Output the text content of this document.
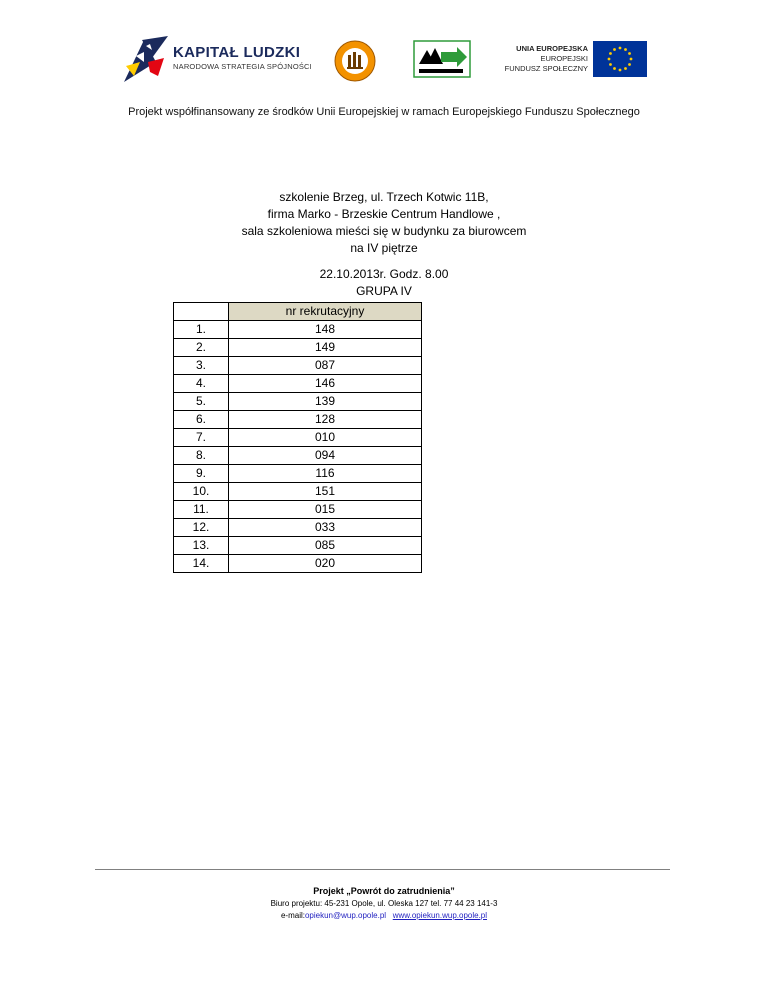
KAPITAŁ LUDZKI
NARODOWA STRATEGIA SPÓJNOŚCI
UNIA EUROPEJSKA
EUROPEJSKI
FUNDUSZ SPOŁECZNY
Projekt współfinansowany ze środków Unii Europejskiej w ramach Europejskiego Funduszu Społecznego
szkolenie Brzeg, ul. Trzech Kotwic 11B,
firma Marko - Brzeskie Centrum Handlowe ,
sala szkoleniowa mieści się w budynku za biurowcem
na IV piętrze
22.10.2013r. Godz. 8.00
GRUPA IV
	nr rekrutacyjny
1.	148
2.	149
3.	087
4.	146
5.	139
6.	128
7.	010
8.	094
9.	116
10.	151
11.	015
12.	033
13.	085
14.	020
Projekt „Powrót do zatrudnienia”
Biuro projektu: 45-231 Opole, ul. Oleska 127 tel. 77 44 23 141-3
e-mail:opiekun@wup.opole.pl www.opiekun.wup.opole.pl
